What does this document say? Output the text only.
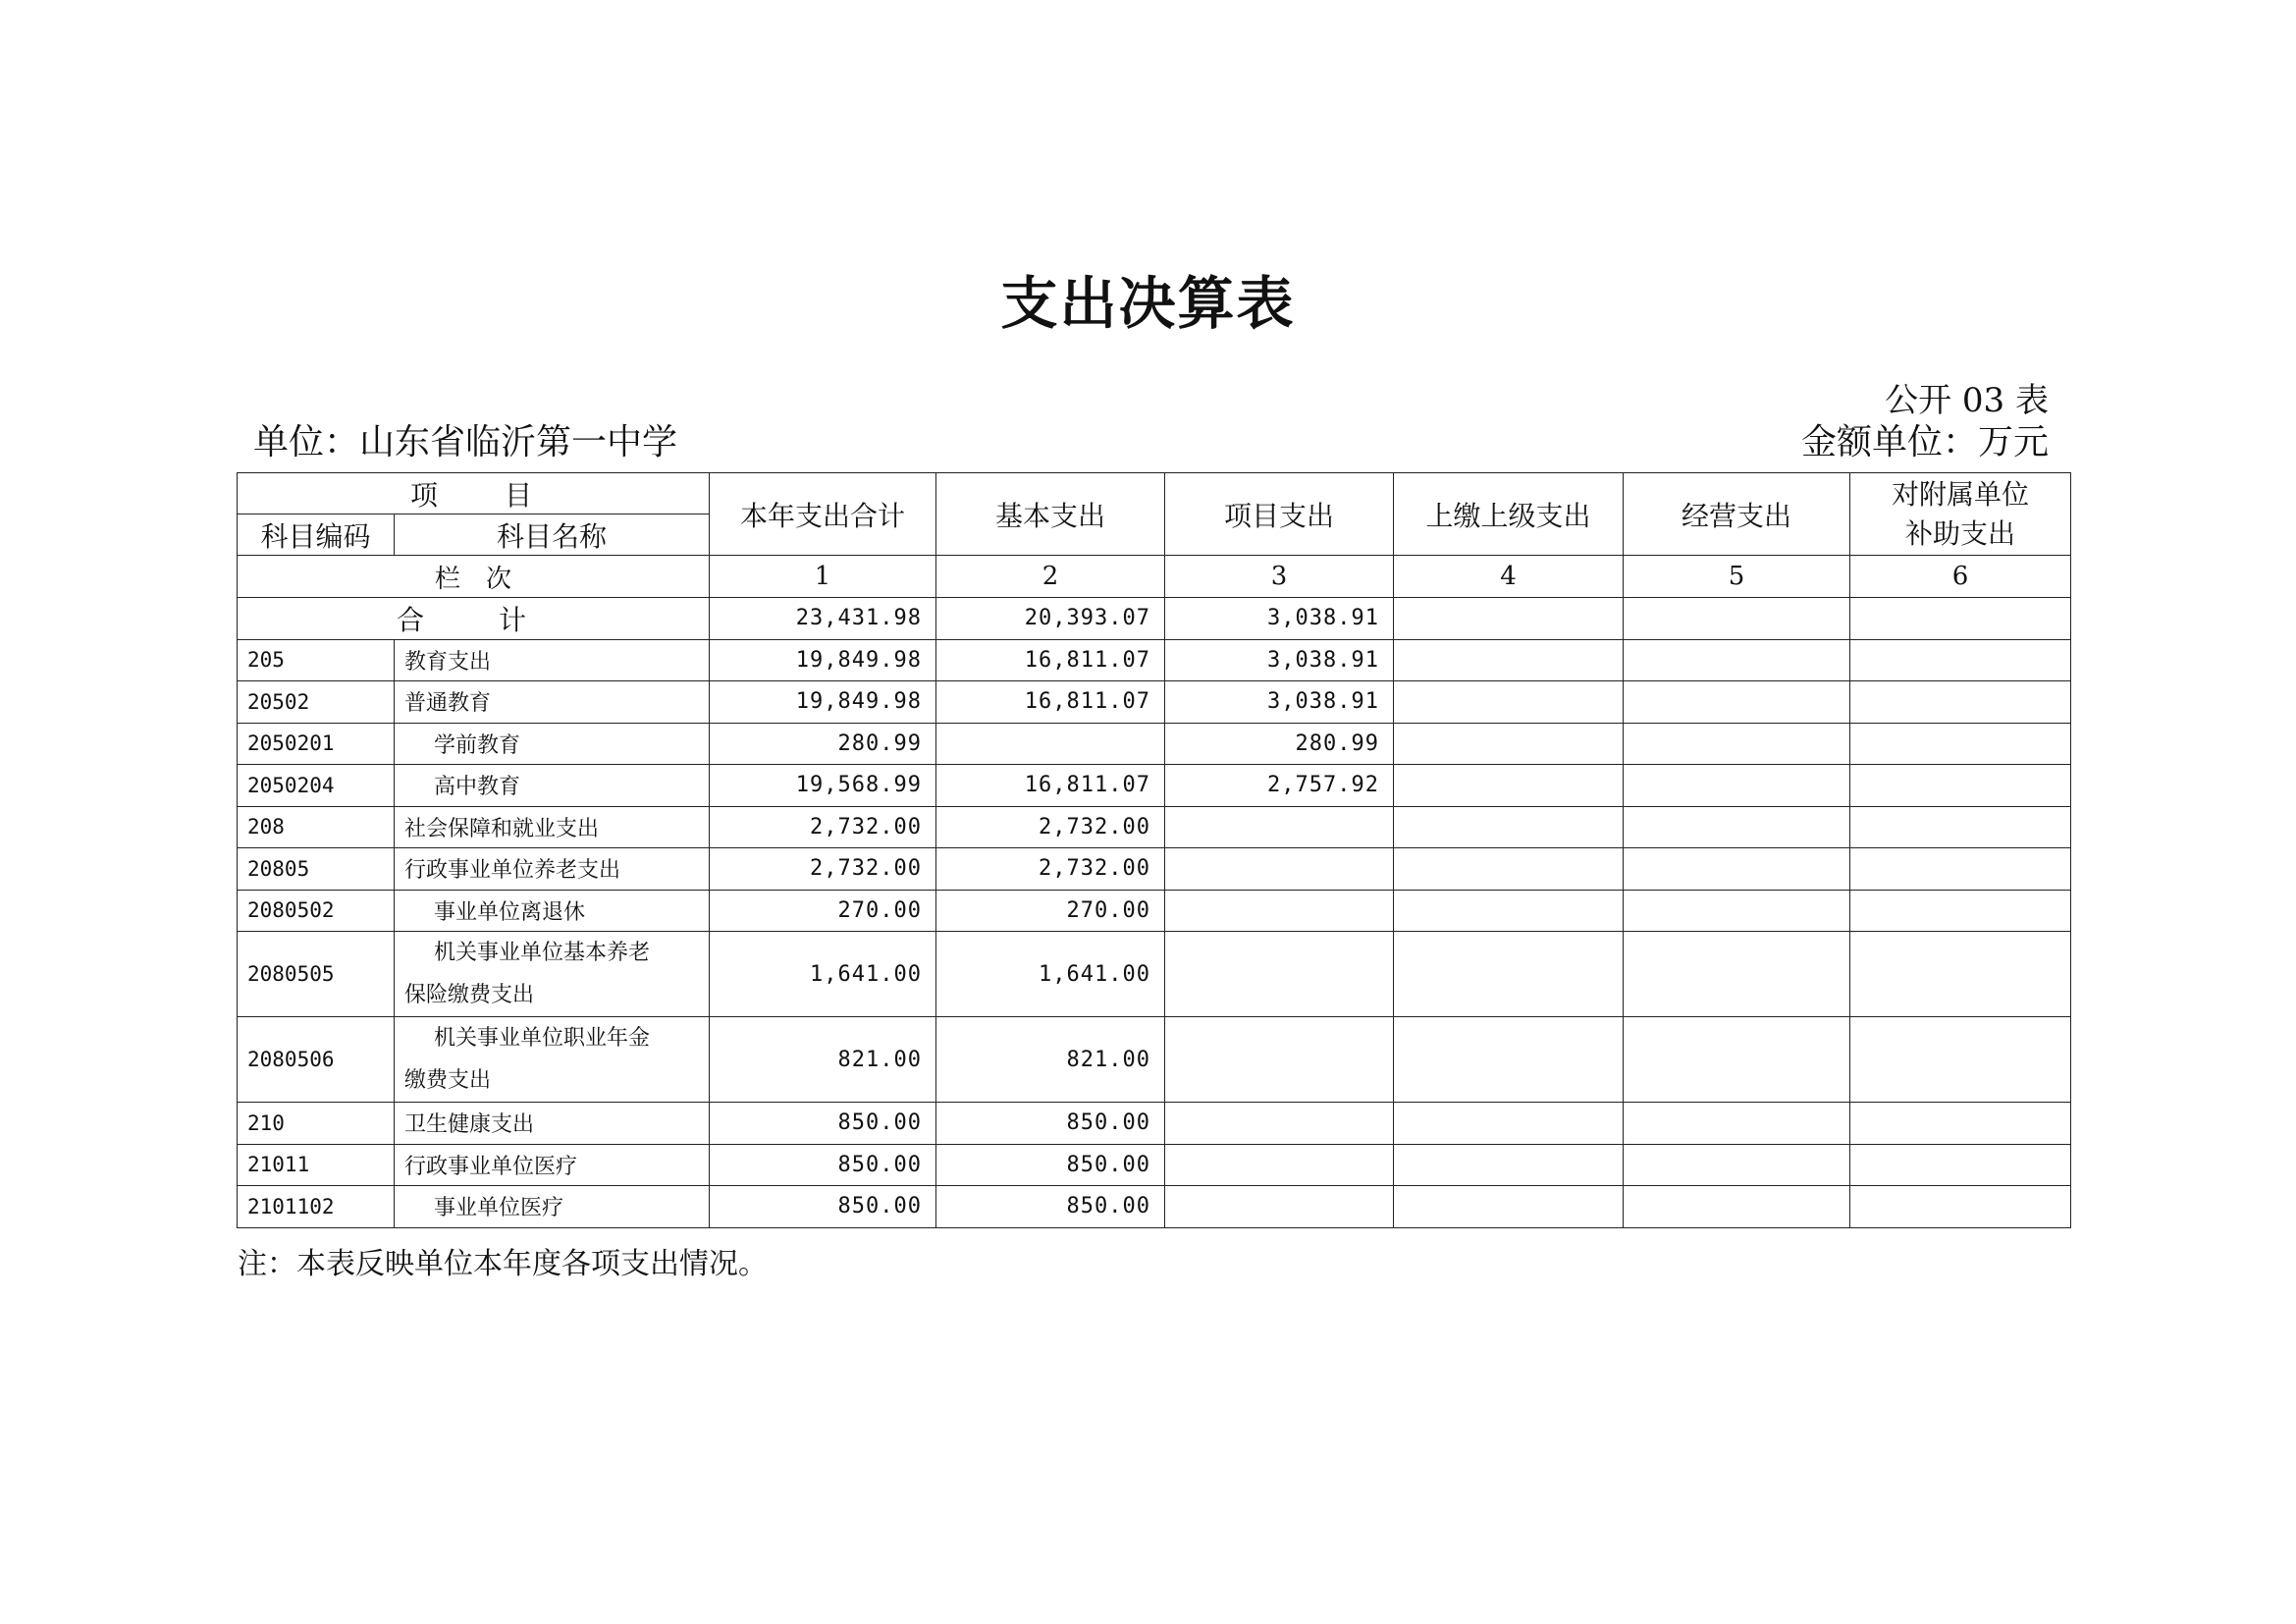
支出决算表
公开 03 表
单位：山东省临沂第一中学	金额单位：万元
项　　目		本年支出合计	基本支出	项目支出	上缴上级支出	经营支出	对附属单位
补助支出

科目编码	科目名称						
栏　次		1	2	3	4	5	6
合　计		23,431.98	20,393.07	3,038.91			
205	教育支出	19,849.98	16,811.07	3,038.91			
20502	普通教育	19,849.98	16,811.07	3,038.91			
2050201	学前教育	280.99		280.99			
2050204	高中教育	19,568.99	16,811.07	2,757.92			
208	社会保障和就业支出	2,732.00	2,732.00				
20805	行政事业单位养老支出	2,732.00	2,732.00				
2080502	事业单位离退休	270.00	270.00				
2080505	机关事业单位基本养老
保险缴费支出	1,641.00	1,641.00				
2080506	机关事业单位职业年金
缴费支出	821.00	821.00				
210	卫生健康支出	850.00	850.00				
21011	行政事业单位医疗	850.00	850.00				
2101102	事业单位医疗	850.00	850.00				
注：本表反映单位本年度各项支出情况。
